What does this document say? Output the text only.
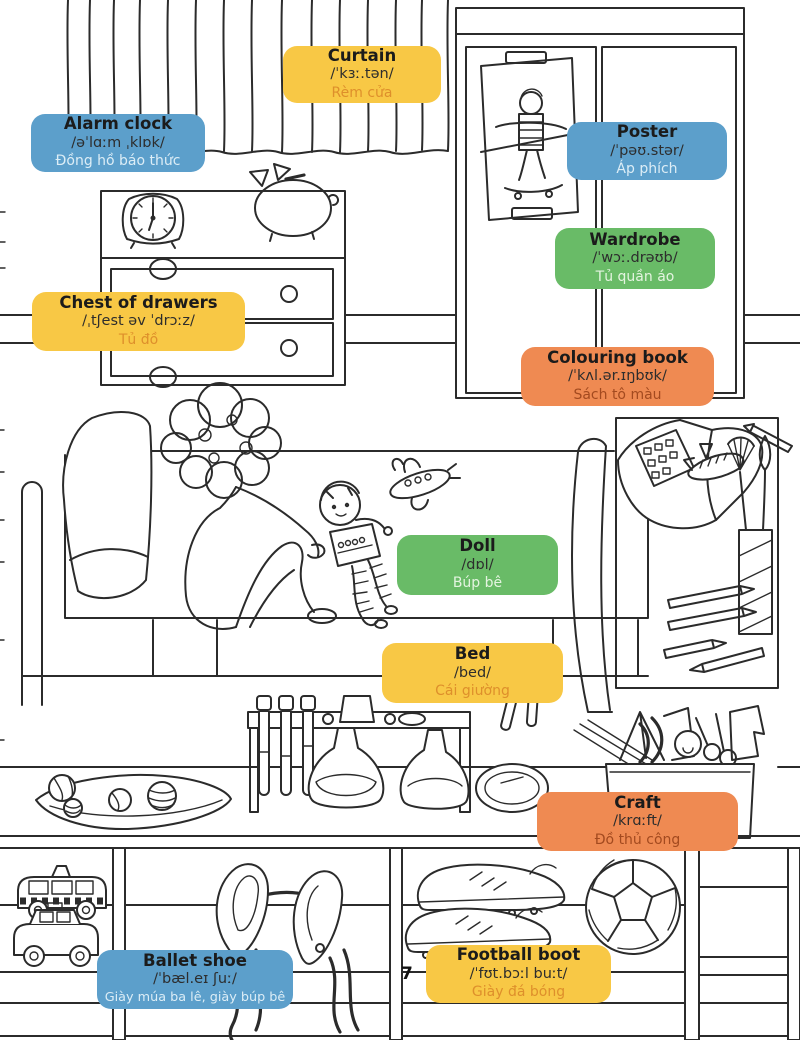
Curtain
/ˈkɜː.tən/
Rèm cửa
Alarm clock
/əˈlɑːm ˌklɒk/
Đồng hồ báo thức
Poster
/ˈpəʊ.stər/
Áp phích
Wardrobe
/ˈwɔː.drəʊb/
Tủ quần áo
Chest of drawers
/ˌtʃest əv ˈdrɔːz/
Tủ đồ
Colouring book
/ˈkʌl.ər.ɪŋbʊk/
Sách tô màu
Doll
/dɒl/
Búp bê
Bed
/bed/
Cái giường
Craft
/krɑːft/
Đồ thủ công
Ballet shoe
/ˈbæl.eɪ ʃuː/
Giày múa ba lê, giày búp bê
Football boot
/ˈfʊt.bɔːl buːt/
Giày đá bóng
7
